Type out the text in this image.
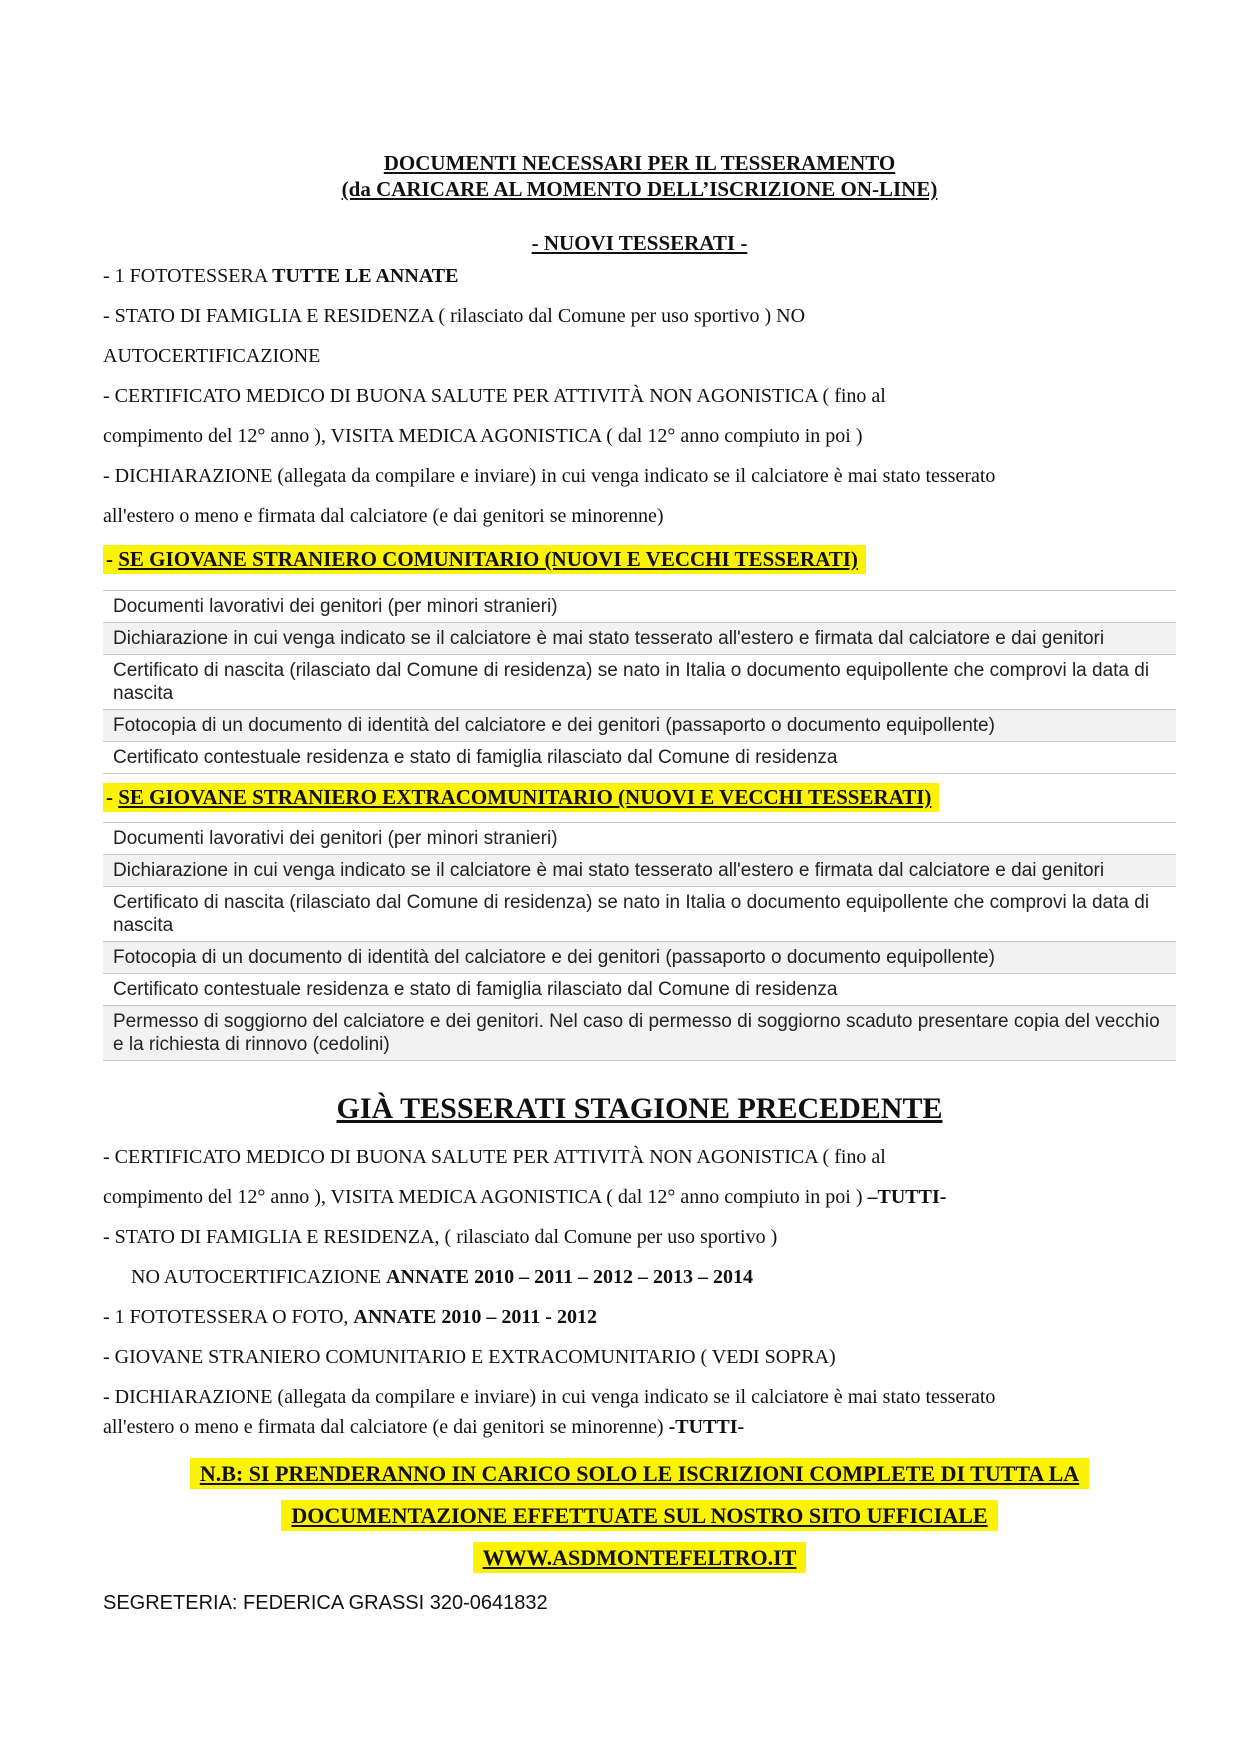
DOCUMENTI NECESSARI PER IL TESSERAMENTO
(da CARICARE AL MOMENTO DELL’ISCRIZIONE ON-LINE)
- NUOVI TESSERATI -
- 1 FOTOTESSERA TUTTE LE ANNATE
- STATO DI FAMIGLIA E RESIDENZA ( rilasciato dal Comune per uso sportivo ) NO
AUTOCERTIFICAZIONE
- CERTIFICATO MEDICO DI BUONA SALUTE PER ATTIVITÀ NON AGONISTICA ( fino al
compimento del 12° anno ), VISITA MEDICA AGONISTICA ( dal 12° anno compiuto in poi )
- DICHIARAZIONE (allegata da compilare e inviare) in cui venga indicato se il calciatore è mai stato tesserato
all'estero o meno e firmata dal calciatore (e dai genitori se minorenne)
- SE GIOVANE STRANIERO COMUNITARIO (NUOVI E VECCHI TESSERATI)
Documenti lavorativi dei genitori (per minori stranieri)
Dichiarazione in cui venga indicato se il calciatore è mai stato tesserato all'estero e firmata dal calciatore e dai genitori
Certificato di nascita (rilasciato dal Comune di residenza) se nato in Italia o documento equipollente che comprovi la data di nascita
Fotocopia di un documento di identità del calciatore e dei genitori (passaporto o documento equipollente)
Certificato contestuale residenza e stato di famiglia rilasciato dal Comune di residenza
- SE GIOVANE STRANIERO EXTRACOMUNITARIO (NUOVI E VECCHI TESSERATI)
Documenti lavorativi dei genitori (per minori stranieri)
Dichiarazione in cui venga indicato se il calciatore è mai stato tesserato all'estero e firmata dal calciatore e dai genitori
Certificato di nascita (rilasciato dal Comune di residenza) se nato in Italia o documento equipollente che comprovi la data di nascita
Fotocopia di un documento di identità del calciatore e dei genitori (passaporto o documento equipollente)
Certificato contestuale residenza e stato di famiglia rilasciato dal Comune di residenza
Permesso di soggiorno del calciatore e dei genitori. Nel caso di permesso di soggiorno scaduto presentare copia del vecchio e la richiesta di rinnovo (cedolini)
GIÀ TESSERATI STAGIONE PRECEDENTE
- CERTIFICATO MEDICO DI BUONA SALUTE PER ATTIVITÀ NON AGONISTICA ( fino al
compimento del 12° anno ), VISITA MEDICA AGONISTICA ( dal 12° anno compiuto in poi ) –TUTTI-
- STATO DI FAMIGLIA E RESIDENZA, ( rilasciato dal Comune per uso sportivo )
NO AUTOCERTIFICAZIONE ANNATE 2010 – 2011 – 2012 – 2013 – 2014
- 1 FOTOTESSERA O FOTO, ANNATE 2010 – 2011 - 2012
- GIOVANE STRANIERO COMUNITARIO E EXTRACOMUNITARIO ( VEDI SOPRA)
- DICHIARAZIONE (allegata da compilare e inviare) in cui venga indicato se il calciatore è mai stato tesserato
all'estero o meno e firmata dal calciatore (e dai genitori se minorenne) -TUTTI-
N.B: SI PRENDERANNO IN CARICO SOLO LE ISCRIZIONI COMPLETE DI TUTTA LA
DOCUMENTAZIONE EFFETTUATE SUL NOSTRO SITO UFFICIALE
WWW.ASDMONTEFELTRO.IT
SEGRETERIA: FEDERICA GRASSI 320-0641832
